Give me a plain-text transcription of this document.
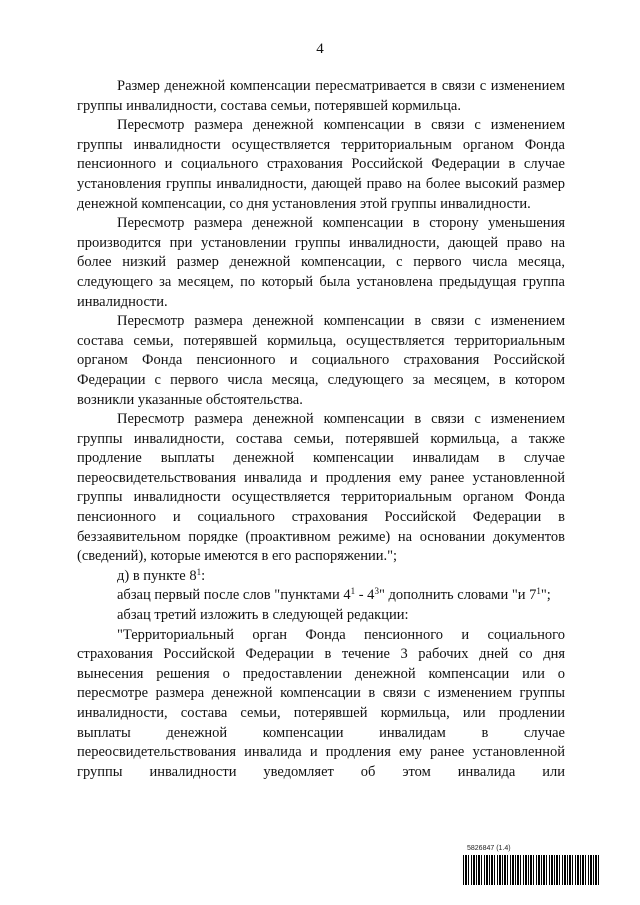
4

Размер денежной компенсации пересматривается в связи с изменением группы инвалидности, состава семьи, потерявшей кормильца.

Пересмотр размера денежной компенсации в связи с изменением группы инвалидности осуществляется территориальным органом Фонда пенсионного и социального страхования Российской Федерации в случае установления группы инвалидности, дающей право на более высокий размер денежной компенсации, со дня установления этой группы инвалидности.

Пересмотр размера денежной компенсации в сторону уменьшения производится при установлении группы инвалидности, дающей право на более низкий размер денежной компенсации, с первого числа месяца, следующего за месяцем, по который была установлена предыдущая группа инвалидности.

Пересмотр размера денежной компенсации в связи с изменением состава семьи, потерявшей кормильца, осуществляется территориальным органом Фонда пенсионного и социального страхования Российской Федерации с первого числа месяца, следующего за месяцем, в котором возникли указанные обстоятельства.

Пересмотр размера денежной компенсации в связи с изменением группы инвалидности, состава семьи, потерявшей кормильца, а также продление выплаты денежной компенсации инвалидам в случае переосвидетельствования инвалида и продления ему ранее установленной группы инвалидности осуществляется территориальным органом Фонда пенсионного и социального страхования Российской Федерации в беззаявительном порядке (проактивном режиме) на основании документов (сведений), которые имеются в его распоряжении.";

д) в пункте $8^1$:

абзац первый после слов "пунктами $4^1 - 4^3$" дополнить словами "и $7^1$";

абзац третий изложить в следующей редакции:

"Территориальный орган Фонда пенсионного и социального страхования Российской Федерации в течение 3 рабочих дней со дня вынесения решения о предоставлении денежной компенсации или о пересмотре размера денежной компенсации в связи с изменением группы инвалидности, состава семьи, потерявшей кормильца, или продлении выплаты денежной компенсации инвалидам в случае переосвидетельствования инвалида и продления ему ранее установленной группы инвалидности уведомляет об этом инвалида или

5826847 (1.4)
